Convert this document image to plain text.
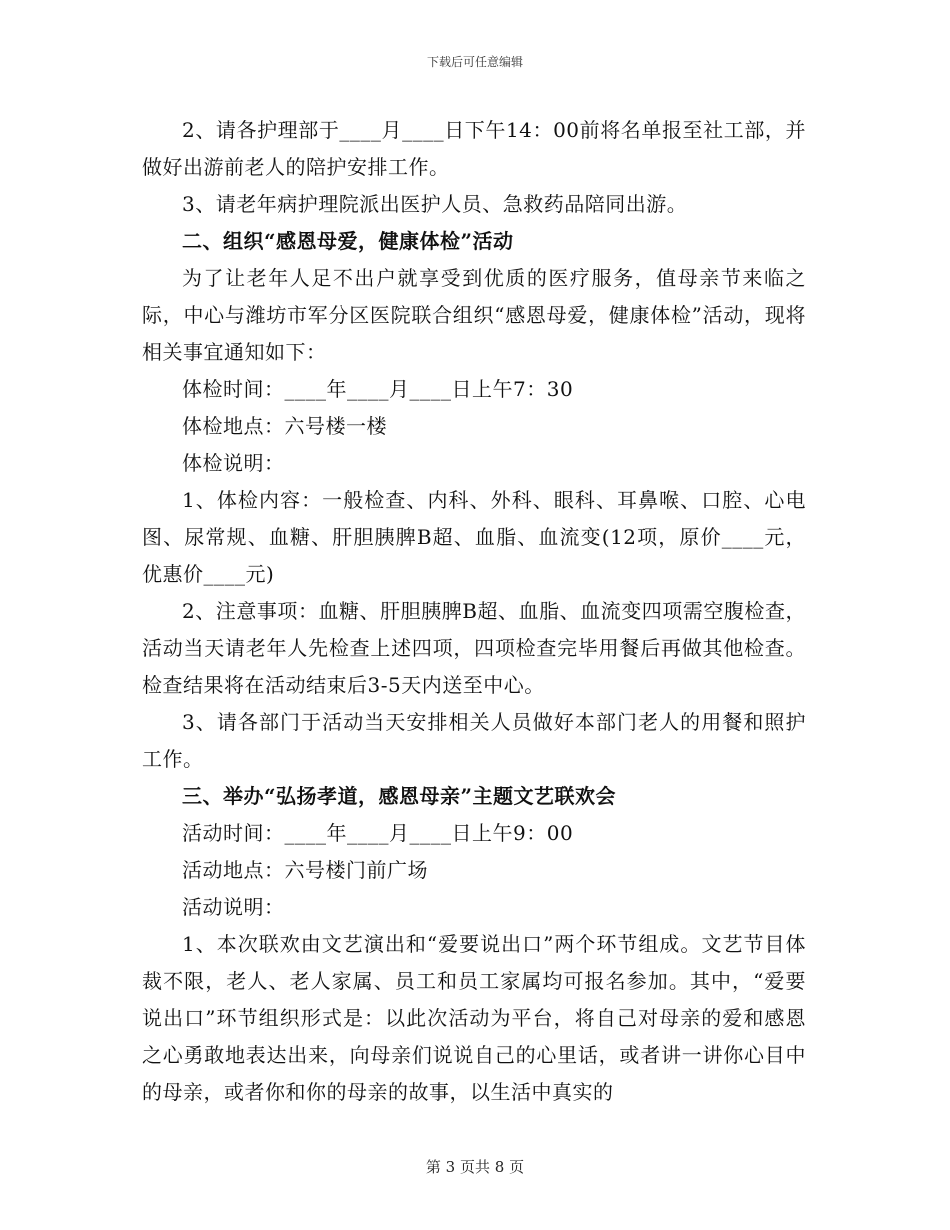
下载后可任意编辑

2、请各护理部于____月____日下午14：00前将名单报至社工部，并做好出游前老人的陪护安排工作。

3、请老年病护理院派出医护人员、急救药品陪同出游。

二、组织“感恩母爱，健康体检”活动

为了让老年人足不出户就享受到优质的医疗服务，值母亲节来临之际，中心与潍坊市军分区医院联合组织“感恩母爱，健康体检”活动，现将相关事宜通知如下：

体检时间：____年____月____日上午7：30

体检地点：六号楼一楼

体检说明：

1、体检内容：一般检查、内科、外科、眼科、耳鼻喉、口腔、心电图、尿常规、血糖、肝胆胰脾B超、血脂、血流变(12项，原价____元，优惠价____元)

2、注意事项：血糖、肝胆胰脾B超、血脂、血流变四项需空腹检查，活动当天请老年人先检查上述四项，四项检查完毕用餐后再做其他检查。检查结果将在活动结束后3-5天内送至中心。

3、请各部门于活动当天安排相关人员做好本部门老人的用餐和照护工作。

三、举办“弘扬孝道，感恩母亲”主题文艺联欢会

活动时间：____年____月____日上午9：00

活动地点：六号楼门前广场

活动说明：

1、本次联欢由文艺演出和“爱要说出口”两个环节组成。文艺节目体裁不限，老人、老人家属、员工和员工家属均可报名参加。其中，“爱要说出口”环节组织形式是：以此次活动为平台，将自己对母亲的爱和感恩之心勇敢地表达出来，向母亲们说说自己的心里话，或者讲一讲你心目中的母亲，或者你和你的母亲的故事，以生活中真实的

第 3 页共 8 页
